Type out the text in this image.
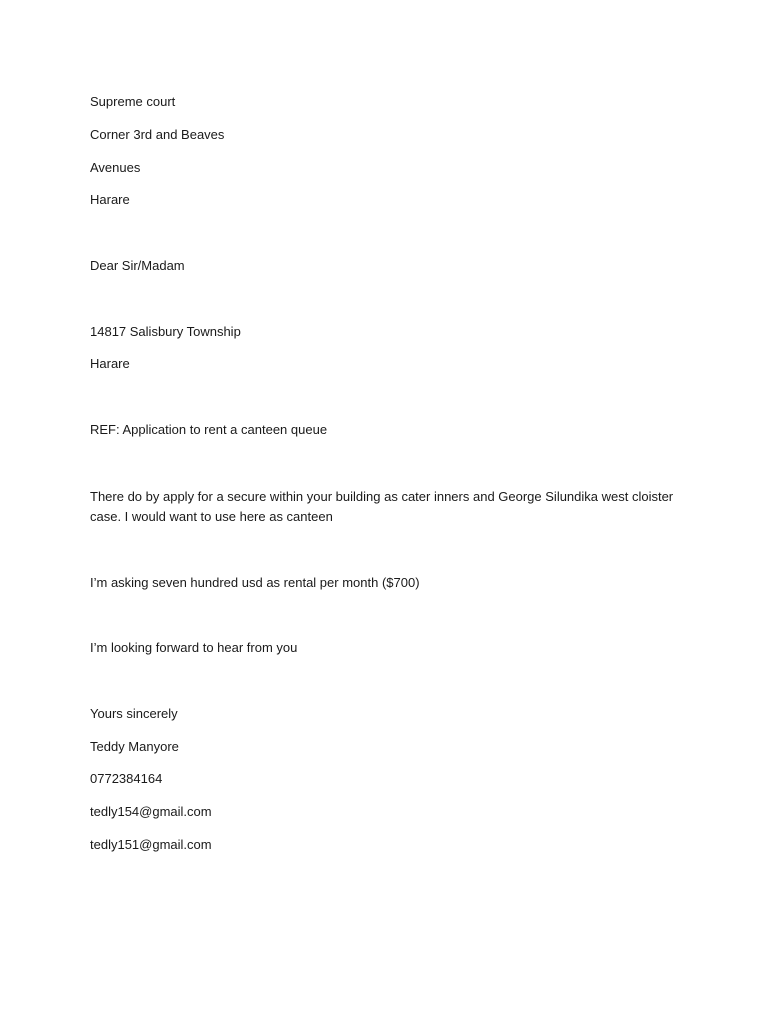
Supreme court
Corner 3rd and Beaves
Avenues
Harare
Dear Sir/Madam
14817 Salisbury Township
Harare
REF: Application to rent a canteen queue
There do by apply for a secure within your building as cater inners and George Silundika west cloister
case. I would want to use here as canteen
I’m asking seven hundred usd as rental per month ($700)
I’m looking forward to hear from you
Yours sincerely
Teddy Manyore
0772384164
tedly154@gmail.com
tedly151@gmail.com
